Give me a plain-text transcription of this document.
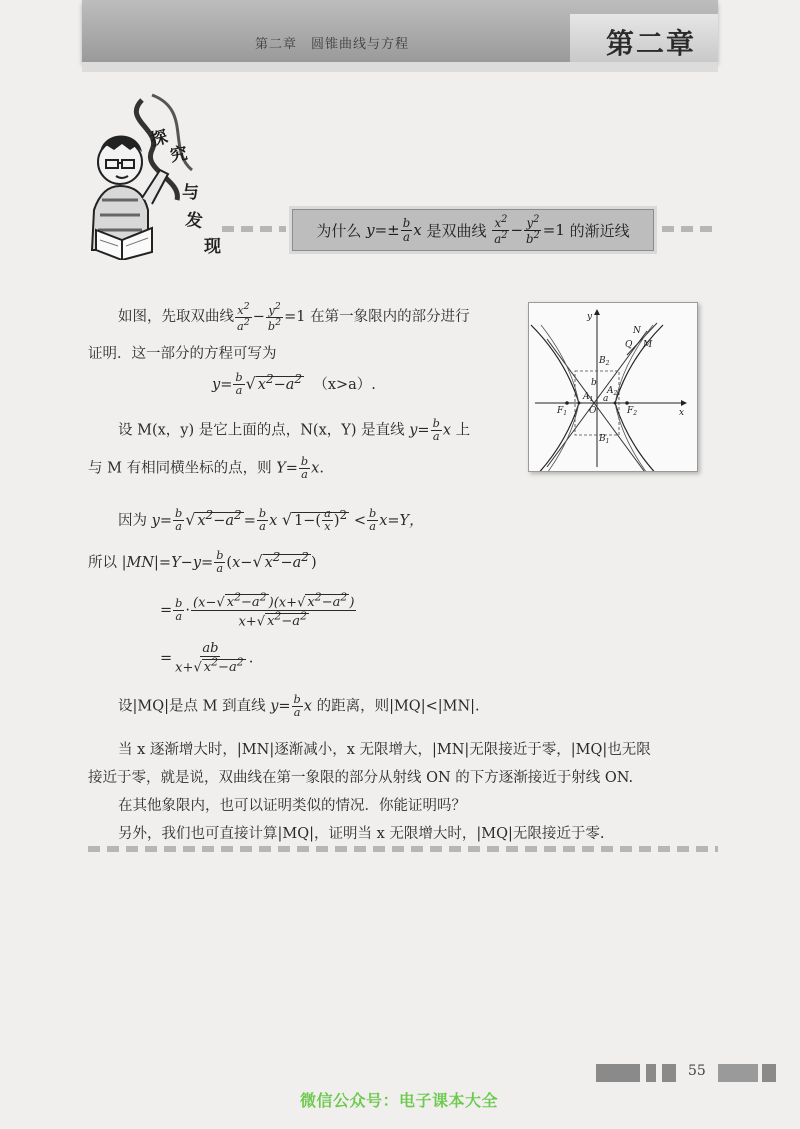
第二章　圆锥曲线与方程	第二章
探
究
与
发
现
为什么
$y=\pm \frac{b}{a}$ x
是双曲线
$\frac{x^2}{a^2} - \frac{y^2}{b^2} =1$
的渐近线
如图，先取双曲线 $\frac{x^2}{a^2} - \frac{y^2}{b^2} =1$ 在第一象限内的部分进行
证明．这一部分的方程可写为
$y= \frac{b}{a}$ √ $x^2-a^2$ （x>a）.
设 M(x，y) 是它上面的点，N(x，Y) 是直线 $y= \frac{b}{a}$ x 上
与 M 有相同横坐标的点，则 $Y= \frac{b}{a} x$.
因为 $y= \frac{b}{a}$ √ $x^2-a^2 = \frac{b}{a}$ x √ $1-( \frac{a}{x} )^2 < \frac{b}{a} x=Y$，
所以 $|MN|=Y-y= \frac{b}{a} (x-√$ $x^2-a^2$ )
= $\frac{b}{a} \cdot \frac{(x-√ x^2-a^2 )(x+√ x^2-a^2 )}{x+√ x^2-a^2}$
= $\frac{ab}{x+√ x^2-a^2}$ .
设|MQ|是点 M 到直线 $y= \frac{b}{a}$ x 的距离，则|MQ|<|MN|.
当 x 逐渐增大时，|MN|逐渐减小，x 无限增大，|MN|无限接近于零，|MQ|也无限
接近于零，就是说，双曲线在第一象限的部分从射线 ON 的下方逐渐接近于射线 ON.
在其他象限内，也可以证明类似的情况．你能证明吗？
另外，我们也可直接计算|MQ|，证明当 x 无限增大时，|MQ|无限接近于零.
y
x
N
Q M
$B_2$
$B_1$
$A_1$
$A_2$
$F_1$	$F_2$
O
a
b
55
微信公众号：电子课本大全
